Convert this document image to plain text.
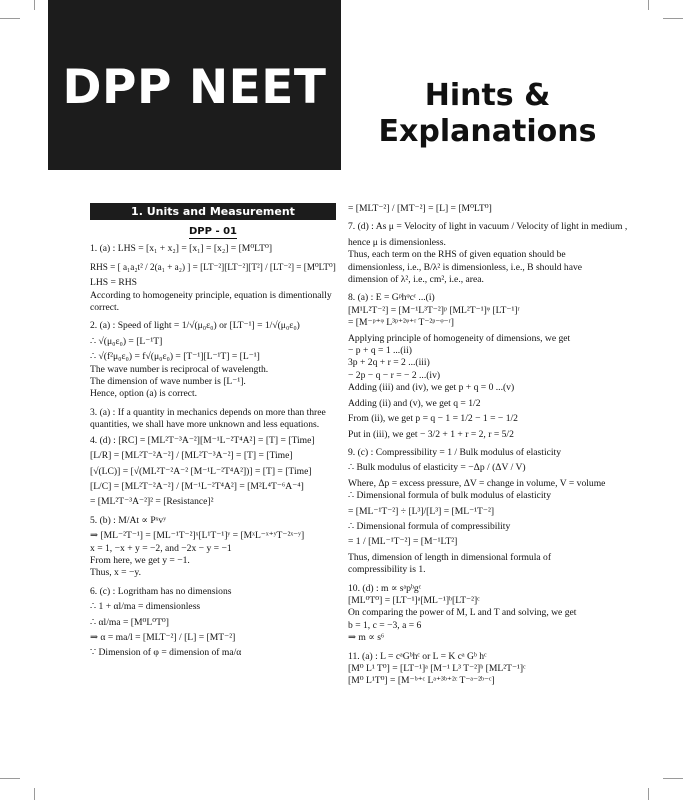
DPP NEET	Hints &
Explanations
1. Units and Measurement
DPP - 01

1. (a) : LHS = [x₁ + x₂] = [x₁] = [x₂] = [M⁰LT⁰]

RHS = [ a₁a₂t² / 2(a₁ + a₂) ] = [LT⁻²][LT⁻²][T²] / [LT⁻²] = [M⁰LT⁰]

LHS = RHS

According to homogeneity principle, equation is dimentionally

correct.

2. (a) : Speed of light = 1/√(μ₀ε₀) or [LT⁻¹] = 1/√(μ₀ε₀)

∴ √(μ₀ε₀) = [L⁻¹T]

∴ √(f²μ₀ε₀) = f√(μ₀ε₀) = [T⁻¹][L⁻¹T] = [L⁻¹]

The wave number is reciprocal of wavelength.

The dimension of wave number is [L⁻¹].

Hence, option (a) is correct.

3. (a) : If a quantity in mechanics depends on more than three

quantities, we shall have more unknown and less equations.

4. (d) : [RC] = [ML²T⁻³A⁻²][M⁻¹L⁻²T⁴A²] = [T] = [Time]

[L/R] = [ML²T⁻²A⁻²] / [ML²T⁻³A⁻²] = [T] = [Time]

[√(LC)] = [√(ML²T⁻²A⁻² [M⁻¹L⁻²T⁴A²])] = [T] = [Time]

[L/C] = [ML²T⁻²A⁻²] / [M⁻¹L⁻²T⁴A²] = [M²L⁴T⁻⁶A⁻⁴]

= [ML²T⁻³A⁻²]² = [Resistance]²

5. (b) : M/At ∝ Pˣvʸ

⇒ [ML⁻²T⁻¹] = [ML⁻¹T⁻²]ˣ[L¹T⁻¹]ʸ = [MˣL⁻ˣ⁺ʸT⁻²ˣ⁻ʸ]

x = 1, −x + y = −2, and −2x − y = −1

From here, we get y = −1.

Thus, x = −y.

6. (c) : Logritham has no dimensions

∴ 1 + αl/ma = dimensionless

∴ αl/ma = [M⁰L⁰T⁰]

⇒ α = ma/l = [MLT⁻²] / [L] = [MT⁻²]

∵ Dimension of φ = dimension of ma/α

= [MLT⁻²] / [MT⁻²] = [L] = [M⁰LT⁰]

7. (d) : As μ = Velocity of light in vacuum / Velocity of light in medium ,

hence μ is dimensionless.

Thus, each term on the RHS of given equation should be

dimensionless, i.e., B/λ² is dimensionless, i.e., B should have

dimension of λ², i.e., cm², i.e., area.

8. (a) : E = Gᵖhᵠcʳ ...(i)

[M¹L²T⁻²] = [M⁻¹L³T⁻²]ᵖ [ML²T⁻¹]ᵠ [LT⁻¹]ʳ

= [M⁻ᵖ⁺ᵠ L³ᵖ⁺²ᵠ⁺ʳ T⁻²ᵖ⁻ᵠ⁻ʳ]

Applying principle of homogeneity of dimensions, we get

− p + q = 1 ...(ii)

3p + 2q + r = 2 ...(iii)

− 2p − q − r = − 2 ...(iv)

Adding (iii) and (iv), we get p + q = 0 ...(v)

Adding (ii) and (v), we get q = 1/2

From (ii), we get p = q − 1 = 1/2 − 1 = − 1/2

Put in (iii), we get − 3/2 + 1 + r = 2, r = 5/2

9. (c) : Compressibility = 1 / Bulk modulus of elasticity

∴ Bulk modulus of elasticity = −Δp / (ΔV / V)

Where, Δp = excess pressure, ΔV = change in volume, V = volume

∴ Dimensional formula of bulk modulus of elasticity

= [ML⁻¹T⁻²] ÷ [L³]/[L³] = [ML⁻¹T⁻²]

∴ Dimensional formula of compressibility

= 1 / [ML⁻¹T⁻²] = [M⁻¹LT²]

Thus, dimension of length in dimensional formula of

compressibility is 1.

10. (d) : m ∝ sᵃpᵇgᶜ

[ML⁰T⁰] = [LT⁻¹]ᵃ[ML⁻¹]ᵇ[LT⁻²]ᶜ

On comparing the power of M, L and T and solving, we get

b = 1, c = −3, a = 6

⇒ m ∝ s⁶

11. (a) : L = cᵃGᵇhᶜ or L = K cᵃ Gᵇ hᶜ

[M⁰ L¹ T⁰] = [LT⁻¹]ᵃ [M⁻¹ L³ T⁻²]ᵇ [ML²T⁻¹]ᶜ

[M⁰ L¹T⁰] = [M⁻ᵇ⁺ᶜ Lᵃ⁺³ᵇ⁺²ᶜ T⁻ᵃ⁻²ᵇ⁻ᶜ]
